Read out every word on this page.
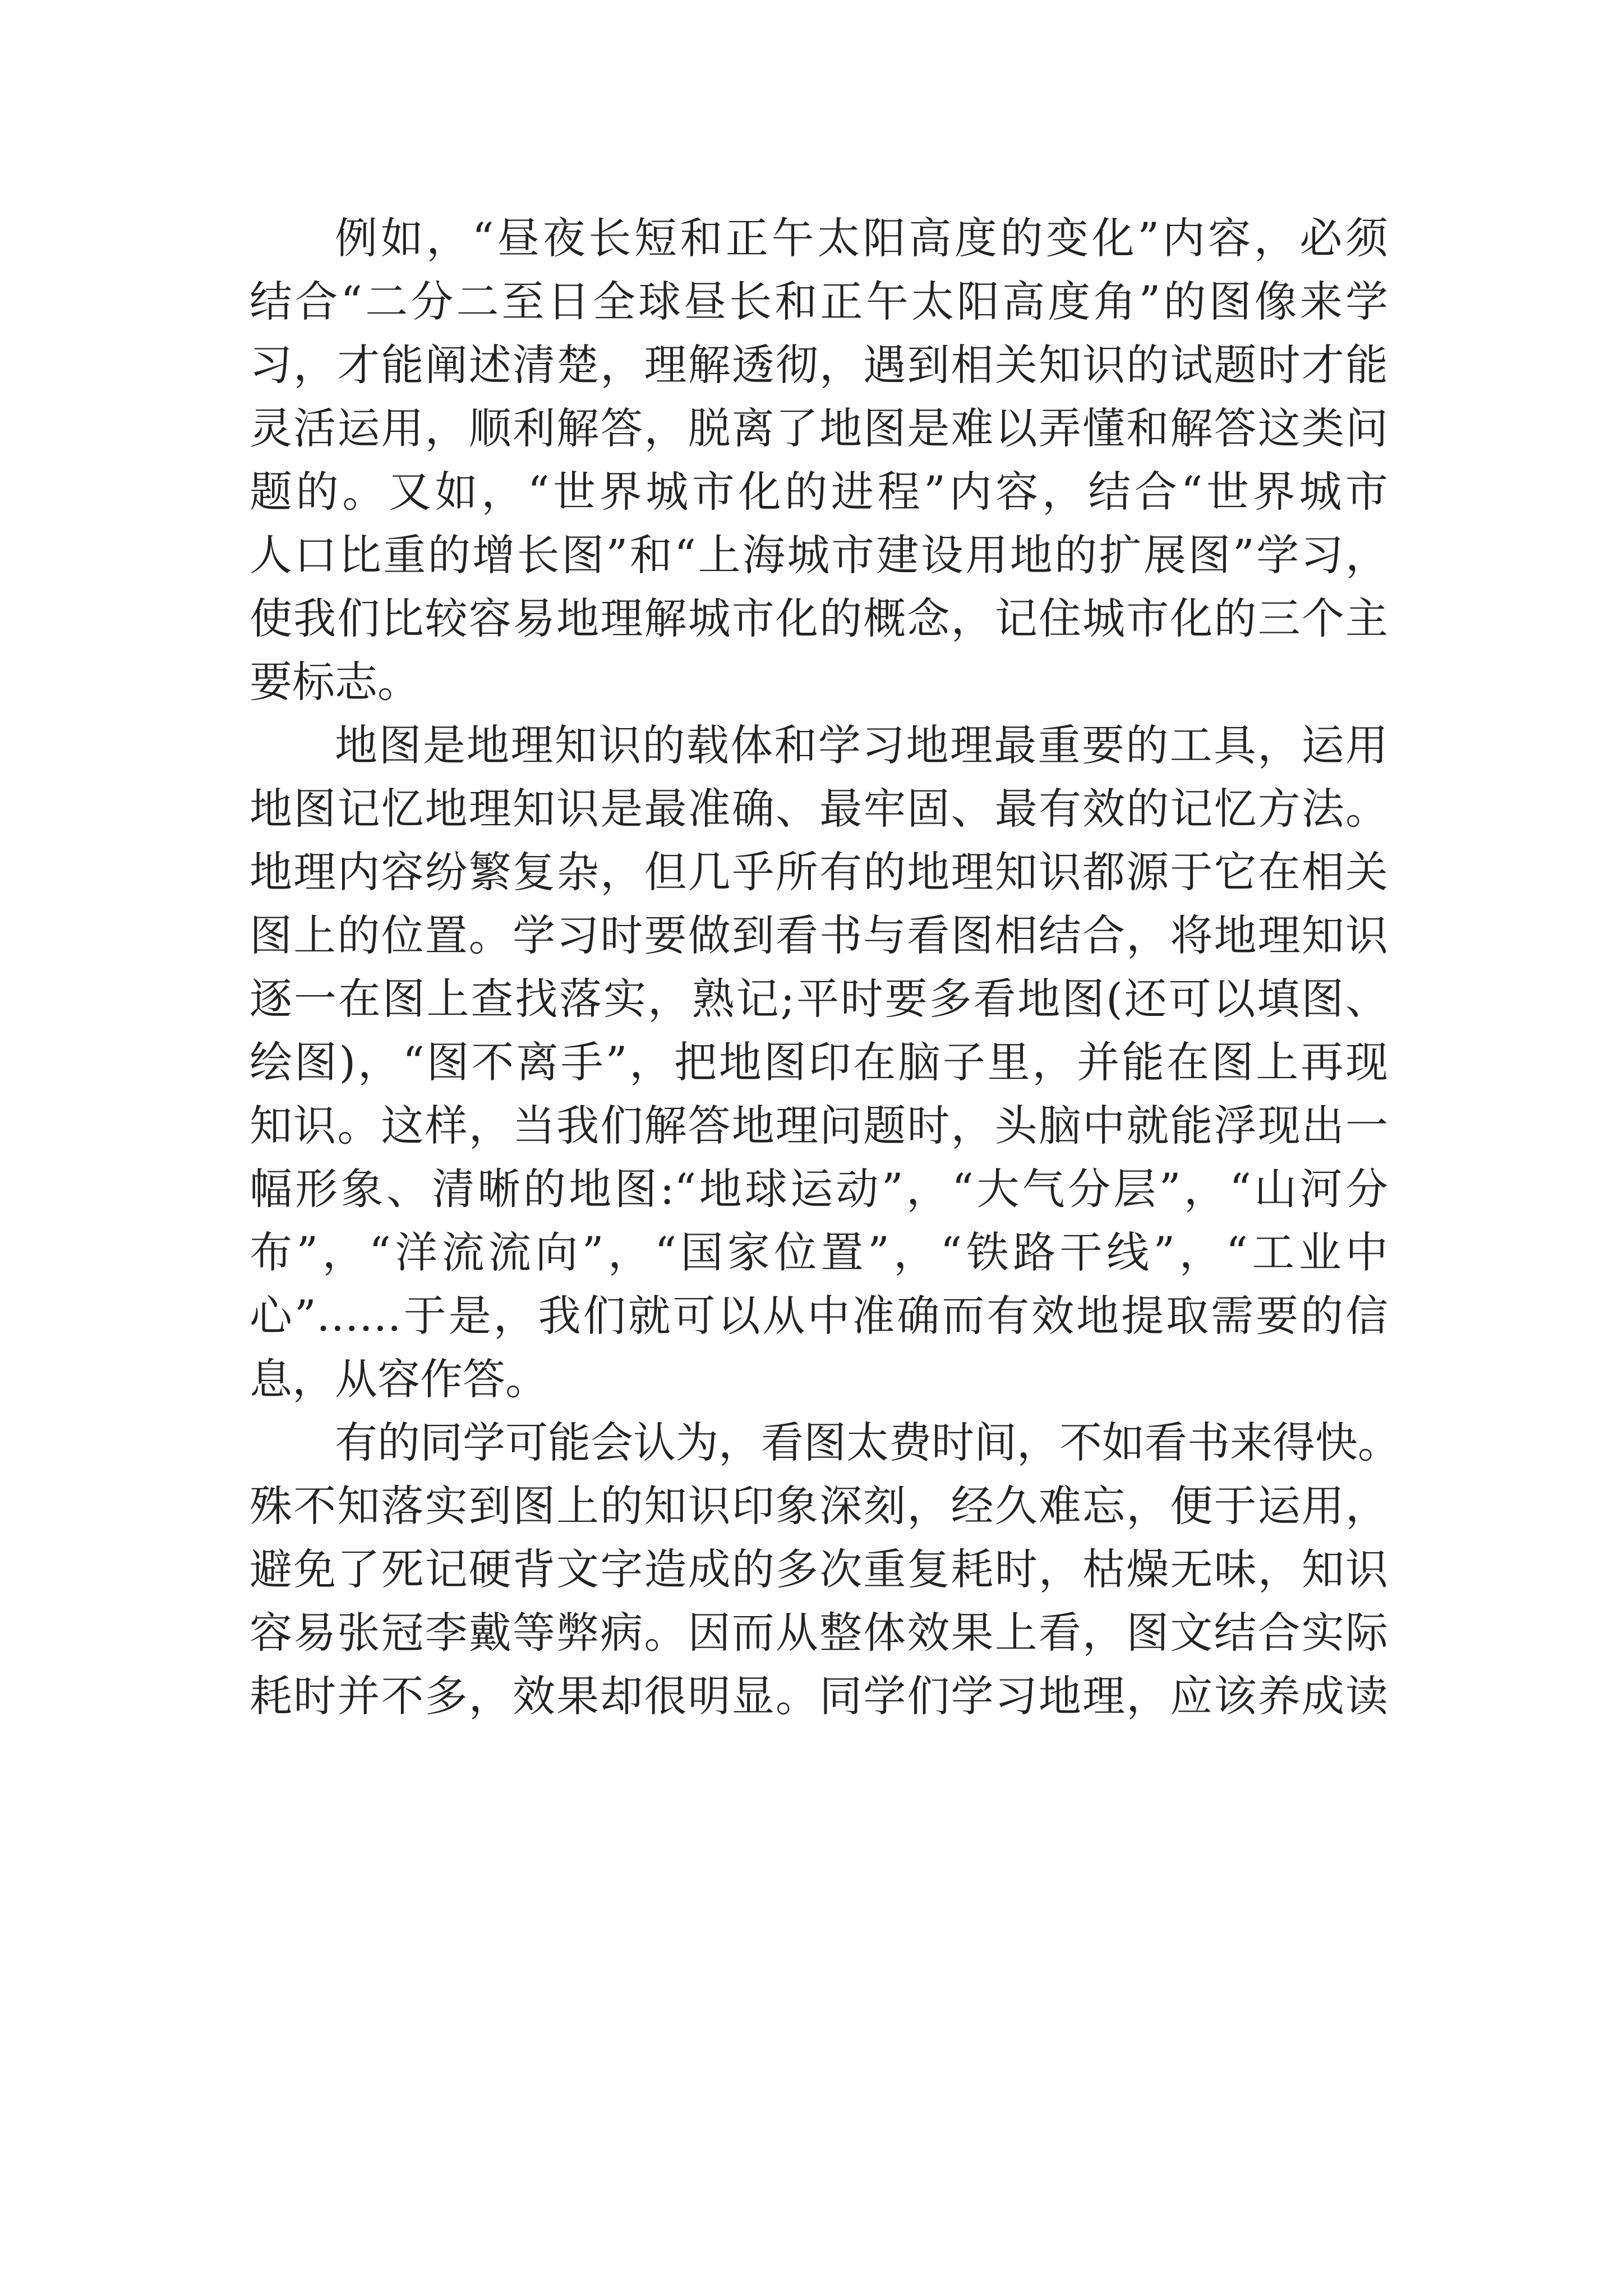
例如，“昼夜长短和正午太阳高度的变化”内容，必须
结合“二分二至日全球昼长和正午太阳高度角”的图像来学
习，才能阐述清楚，理解透彻，遇到相关知识的试题时才能
灵活运用，顺利解答，脱离了地图是难以弄懂和解答这类问
题的。又如，“世界城市化的进程”内容，结合“世界城市
人口比重的增长图”和“上海城市建设用地的扩展图”学习，
使我们比较容易地理解城市化的概念，记住城市化的三个主
要标志。
地图是地理知识的载体和学习地理最重要的工具，运用
地图记忆地理知识是最准确、最牢固、最有效的记忆方法。
地理内容纷繁复杂，但几乎所有的地理知识都源于它在相关
图上的位置。学习时要做到看书与看图相结合，将地理知识
逐一在图上查找落实，熟记;平时要多看地图(还可以填图、
绘图)，“图不离手”，把地图印在脑子里，并能在图上再现
知识。这样，当我们解答地理问题时，头脑中就能浮现出一
幅形象、清晰的地图:“地球运动”，“大气分层”，“山河分
布”，“洋流流向”，“国家位置”，“铁路干线”，“工业中
心”……于是，我们就可以从中准确而有效地提取需要的信
息，从容作答。
有的同学可能会认为，看图太费时间，不如看书来得快。
殊不知落实到图上的知识印象深刻，经久难忘，便于运用，
避免了死记硬背文字造成的多次重复耗时，枯燥无味，知识
容易张冠李戴等弊病。因而从整体效果上看，图文结合实际
耗时并不多，效果却很明显。同学们学习地理，应该养成读
